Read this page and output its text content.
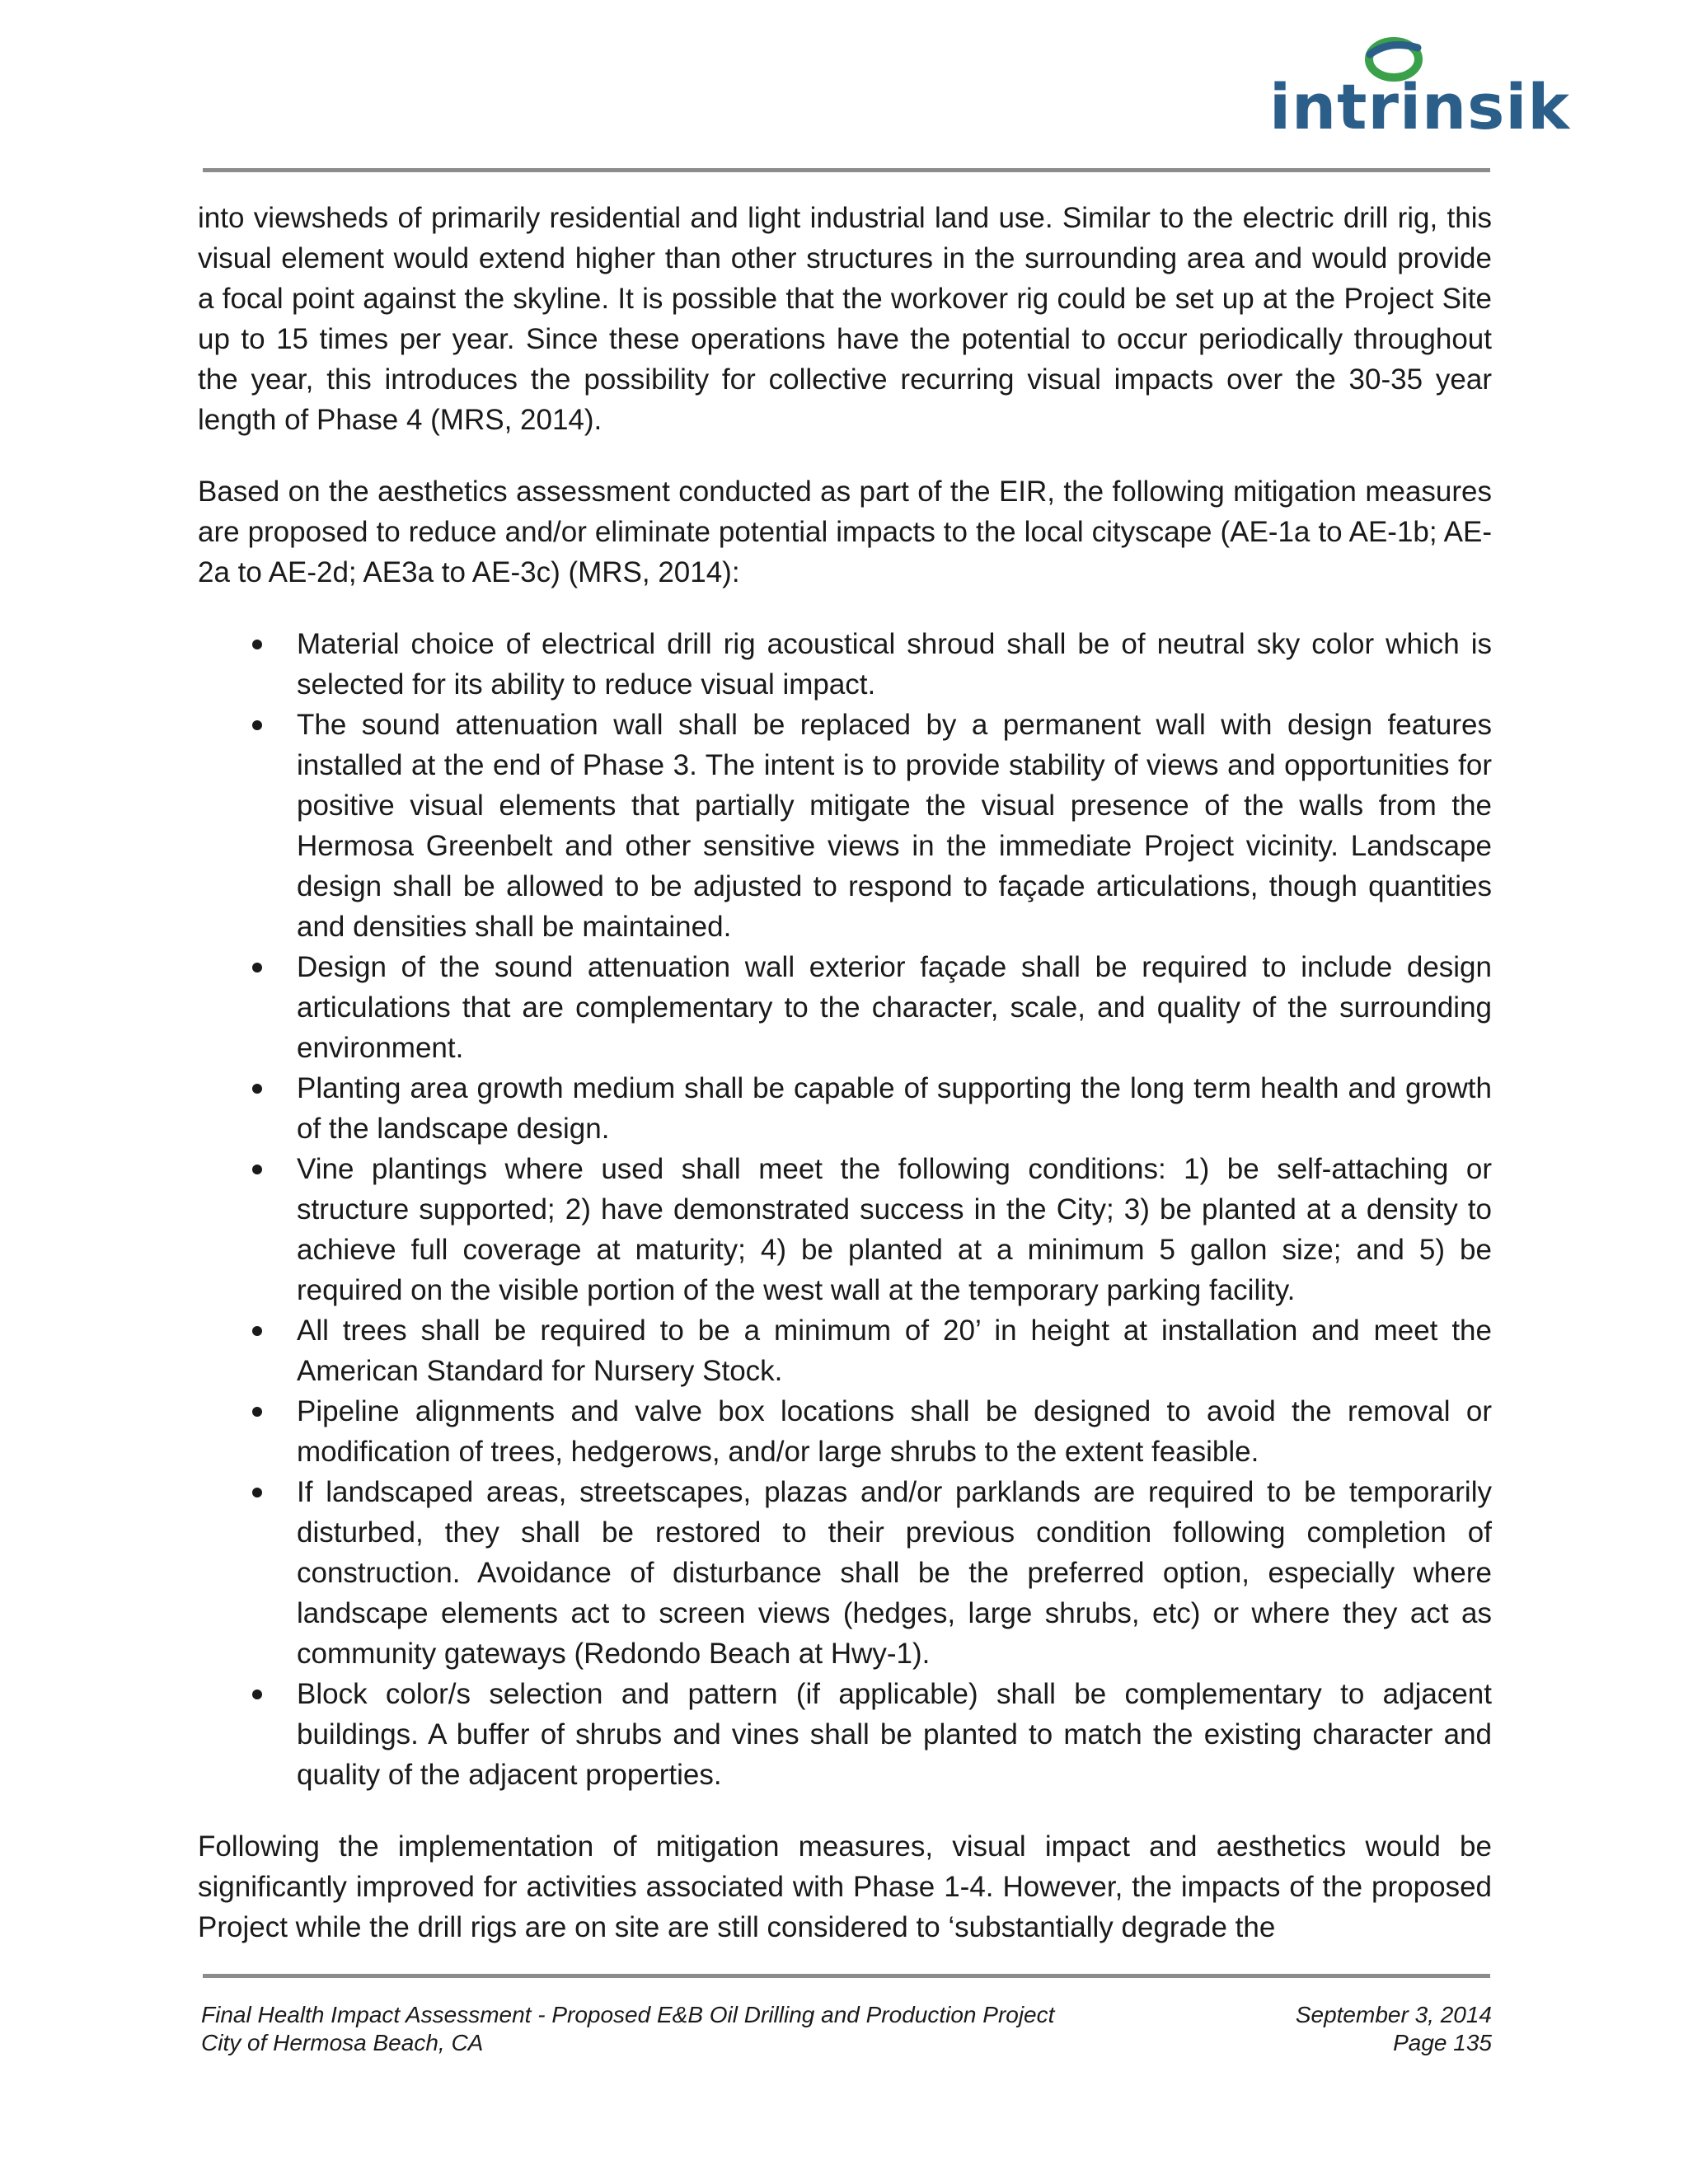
intrinsik

into viewsheds of primarily residential and light industrial land use. Similar to the electric drill rig, this visual element would extend higher than other structures in the surrounding area and would provide a focal point against the skyline. It is possible that the workover rig could be set up at the Project Site up to 15 times per year. Since these operations have the potential to occur periodically throughout the year, this introduces the possibility for collective recurring visual impacts over the 30-35 year length of Phase 4 (MRS, 2014).

Based on the aesthetics assessment conducted as part of the EIR, the following mitigation measures are proposed to reduce and/or eliminate potential impacts to the local cityscape (AE-1a to AE-1b; AE-2a to AE-2d; AE3a to AE-3c) (MRS, 2014):

Material choice of electrical drill rig acoustical shroud shall be of neutral sky color which is selected for its ability to reduce visual impact.
The sound attenuation wall shall be replaced by a permanent wall with design features installed at the end of Phase 3. The intent is to provide stability of views and opportunities for positive visual elements that partially mitigate the visual presence of the walls from the Hermosa Greenbelt and other sensitive views in the immediate Project vicinity. Landscape design shall be allowed to be adjusted to respond to façade articulations, though quantities and densities shall be maintained.
Design of the sound attenuation wall exterior façade shall be required to include design articulations that are complementary to the character, scale, and quality of the surrounding environment.
Planting area growth medium shall be capable of supporting the long term health and growth of the landscape design.
Vine plantings where used shall meet the following conditions: 1) be self-attaching or structure supported; 2) have demonstrated success in the City; 3) be planted at a density to achieve full coverage at maturity; 4) be planted at a minimum 5 gallon size; and 5) be required on the visible portion of the west wall at the temporary parking facility.
All trees shall be required to be a minimum of 20’ in height at installation and meet the American Standard for Nursery Stock.
Pipeline alignments and valve box locations shall be designed to avoid the removal or modification of trees, hedgerows, and/or large shrubs to the extent feasible.
If landscaped areas, streetscapes, plazas and/or parklands are required to be temporarily disturbed, they shall be restored to their previous condition following completion of construction. Avoidance of disturbance shall be the preferred option, especially where landscape elements act to screen views (hedges, large shrubs, etc) or where they act as community gateways (Redondo Beach at Hwy-1).
Block color/s selection and pattern (if applicable) shall be complementary to adjacent buildings. A buffer of shrubs and vines shall be planted to match the existing character and quality of the adjacent properties.

Following the implementation of mitigation measures, visual impact and aesthetics would be significantly improved for activities associated with Phase 1-4. However, the impacts of the proposed Project while the drill rigs are on site are still considered to ‘substantially degrade the

Final Health Impact Assessment - Proposed E&B Oil Drilling and Production Project	September 3, 2014
City of Hermosa Beach, CA	Page 135
